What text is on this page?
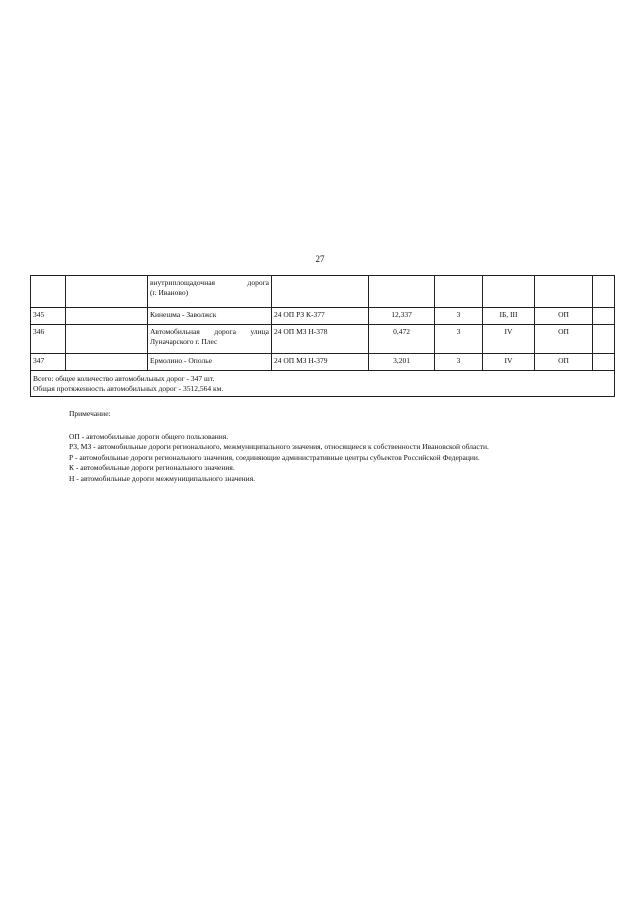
27

		внутриплощадочная дорога
(г. Иваново)						

345		Кинешма - Заволжск	24 ОП РЗ К-377	12,337	3	IБ, III	ОП	
346		Автомобильная дорога улица
Луначарского г. Плес	24 ОП МЗ Н-378	0,472	3	IV	ОП	
347		Ермолино - Ополье	24 ОП МЗ Н-379	3,201	3	IV	ОП	

Всего: общее количество автомобильных дорог - 347 шт.
Общая протяженность автомобильных дорог - 3512,564 км.								
Примечание:
ОП - автомобильные дороги общего пользования.
РЗ, МЗ - автомобильные дороги регионального, межмуниципального значения, относящиеся к собственности Ивановской области.
Р - автомобильные дороги регионального значения, соединяющие административные центры субъектов Российской Федерации.
К - автомобильные дороги регионального значения.
Н - автомобильные дороги межмуниципального значения.
